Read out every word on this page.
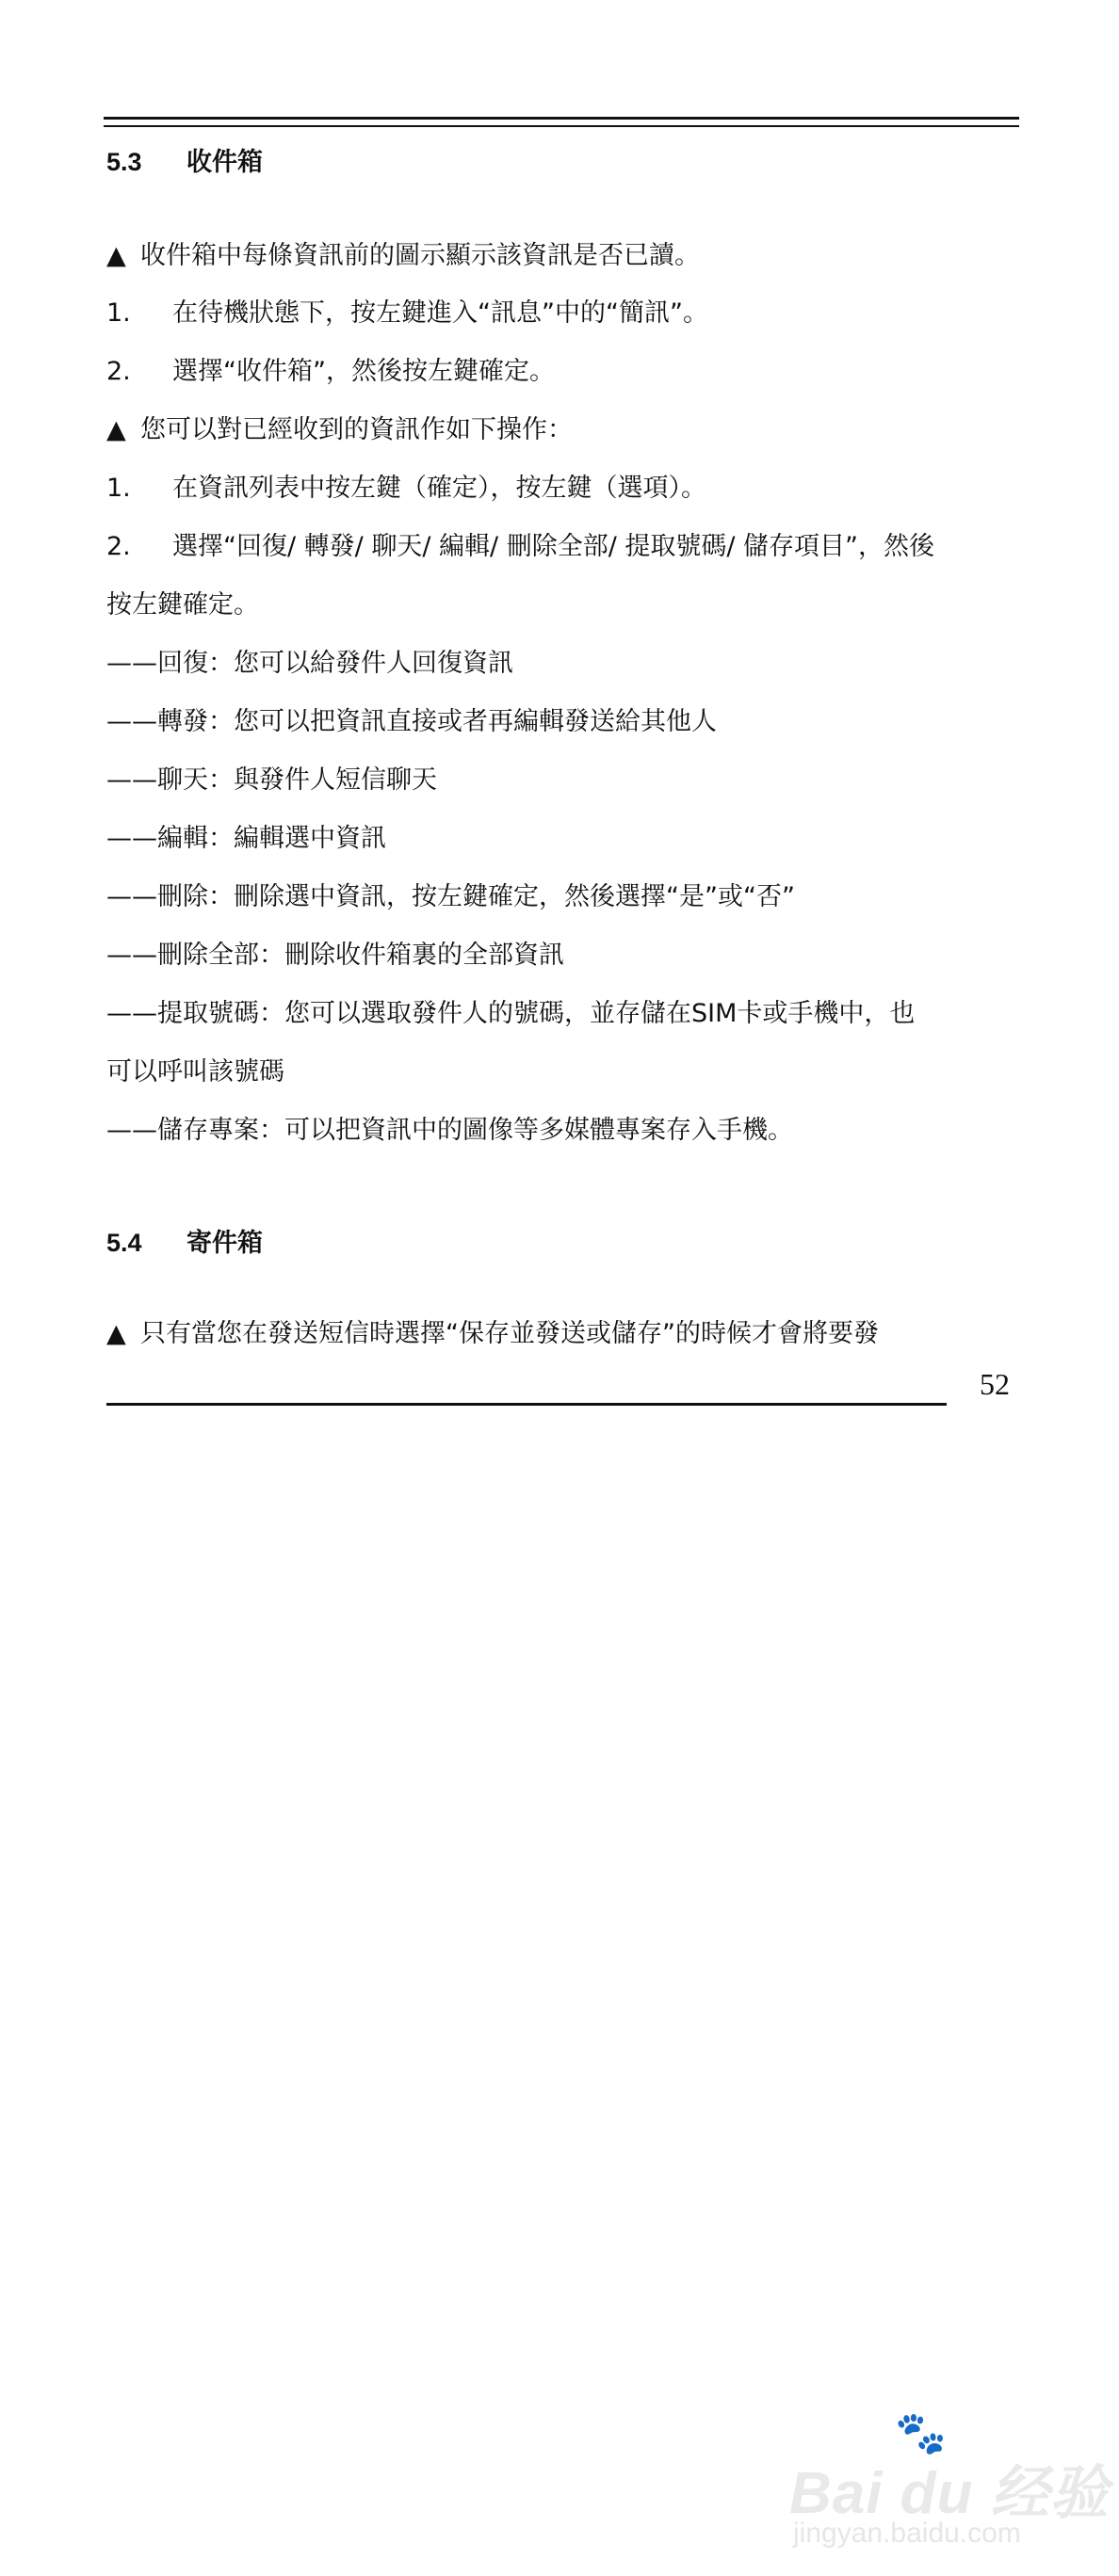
5.3 收件箱
▲ 收件箱中每條資訊前的圖示顯示該資訊是否已讀。
1. 在待機狀態下，按左鍵進入“訊息”中的“簡訊”。
2. 選擇“收件箱”，然後按左鍵確定。
▲ 您可以對已經收到的資訊作如下操作：
1. 在資訊列表中按左鍵（確定），按左鍵（選項）。
2. 選擇“回復/ 轉發/ 聊天/ 編輯/ 刪除全部/ 提取號碼/ 儲存項目”，然後
按左鍵確定。
——回復：您可以給發件人回復資訊
——轉發：您可以把資訊直接或者再編輯發送給其他人
——聊天：與發件人短信聊天
——編輯：編輯選中資訊
——刪除：刪除選中資訊，按左鍵確定，然後選擇“是”或“否”
——刪除全部：刪除收件箱裏的全部資訊
——提取號碼：您可以選取發件人的號碼，並存儲在SIM卡或手機中，也
可以呼叫該號碼
——儲存專案：可以把資訊中的圖像等多媒體專案存入手機。
5.4 寄件箱
▲ 只有當您在發送短信時選擇“保存並發送或儲存”的時候才會將要發
52
🐾
Bai du 经验
jingyan.baidu.com
